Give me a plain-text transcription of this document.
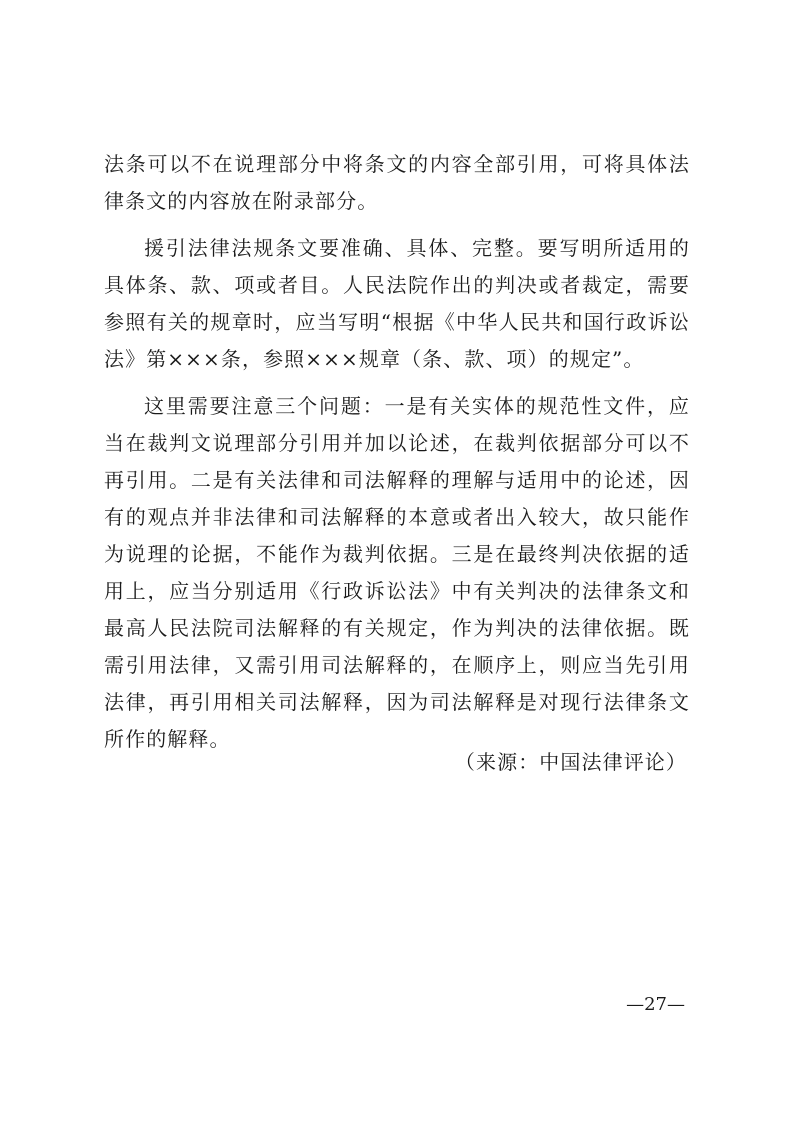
法条可以不在说理部分中将条文的内容全部引用，可将具体法律条文的内容放在附录部分。

援引法律法规条文要准确、具体、完整。要写明所适用的具体条、款、项或者目。人民法院作出的判决或者裁定，需要参照有关的规章时，应当写明“根据《中华人民共和国行政诉讼法》第×××条，参照×××规章（条、款、项）的规定”。

这里需要注意三个问题：一是有关实体的规范性文件，应当在裁判文说理部分引用并加以论述，在裁判依据部分可以不再引用。二是有关法律和司法解释的理解与适用中的论述，因有的观点并非法律和司法解释的本意或者出入较大，故只能作为说理的论据，不能作为裁判依据。三是在最终判决依据的适用上，应当分别适用《行政诉讼法》中有关判决的法律条文和最高人民法院司法解释的有关规定，作为判决的法律依据。既需引用法律，又需引用司法解释的，在顺序上，则应当先引用法律，再引用相关司法解释，因为司法解释是对现行法律条文所作的解释。

（来源：中国法律评论）
—27—
